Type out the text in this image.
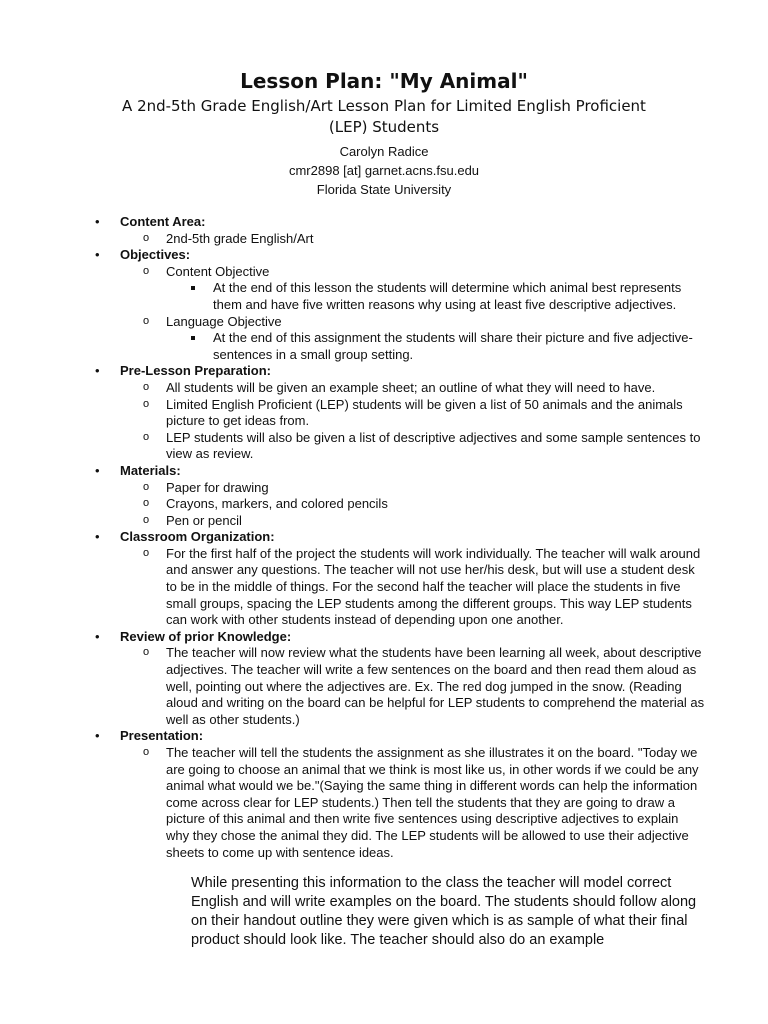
Lesson Plan: "My Animal"
A 2nd-5th Grade English/Art Lesson Plan for Limited English Proficient (LEP) Students
Carolyn Radice
cmr2898 [at] garnet.acns.fsu.edu
Florida State University
• Content Area:
o 2nd-5th grade English/Art
• Objectives:
o Content Objective
At the end of this lesson the students will determine which animal best represents them and have five written reasons why using at least five descriptive adjectives.
o Language Objective
At the end of this assignment the students will share their picture and five adjective-sentences in a small group setting.
• Pre-Lesson Preparation:
o All students will be given an example sheet; an outline of what they will need to have.
o Limited English Proficient (LEP) students will be given a list of 50 animals and the animals picture to get ideas from.
o LEP students will also be given a list of descriptive adjectives and some sample sentences to view as review.
• Materials:
o Paper for drawing
o Crayons, markers, and colored pencils
o Pen or pencil
• Classroom Organization:
o For the first half of the project the students will work individually. The teacher will walk around and answer any questions. The teacher will not use her/his desk, but will use a student desk to be in the middle of things. For the second half the teacher will place the students in five small groups, spacing the LEP students among the different groups. This way LEP students can work with other students instead of depending upon one another.
• Review of prior Knowledge:
o The teacher will now review what the students have been learning all week, about descriptive adjectives. The teacher will write a few sentences on the board and then read them aloud as well, pointing out where the adjectives are. Ex. The red dog jumped in the snow. (Reading aloud and writing on the board can be helpful for LEP students to comprehend the material as well as other students.)
• Presentation:
o The teacher will tell the students the assignment as she illustrates it on the board. "Today we are going to choose an animal that we think is most like us, in other words if we could be any animal what would we be."(Saying the same thing in different words can help the information come across clear for LEP students.) Then tell the students that they are going to draw a picture of this animal and then write five sentences using descriptive adjectives to explain why they chose the animal they did. The LEP students will be allowed to use their adjective sheets to come up with sentence ideas.
While presenting this information to the class the teacher will model correct English and will write examples on the board. The students should follow along on their handout outline they were given which is as sample of what their final product should look like. The teacher should also do an example
